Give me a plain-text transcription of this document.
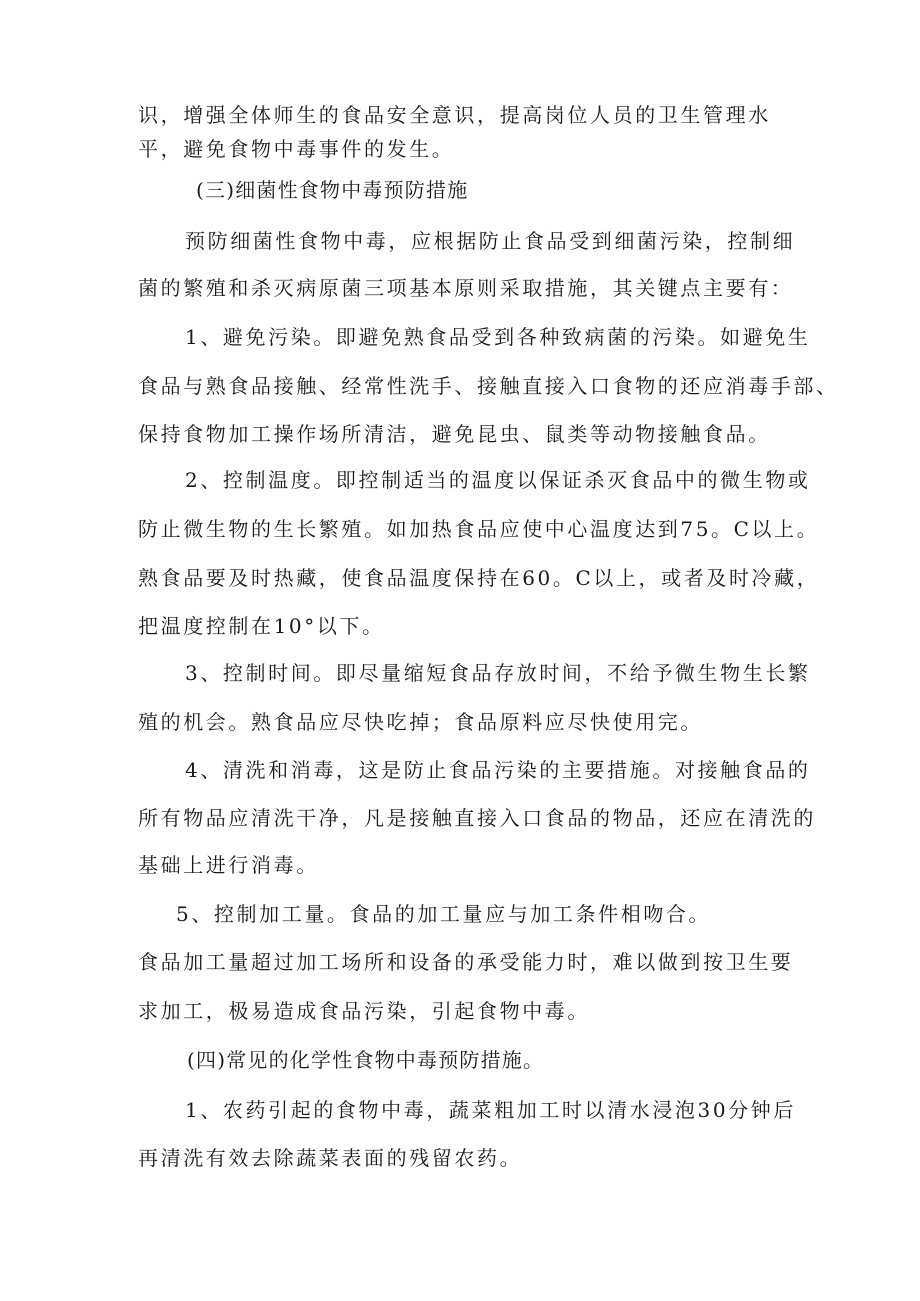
识，增强全体师生的食品安全意识，提高岗位人员的卫生管理水
平，避免食物中毒事件的发生。
(三)细菌性食物中毒预防措施
预防细菌性食物中毒，应根据防止食品受到细菌污染，控制细
菌的繁殖和杀灭病原菌三项基本原则采取措施，其关键点主要有：
1、避免污染。即避免熟食品受到各种致病菌的污染。如避免生
食品与熟食品接触、经常性洗手、接触直接入口食物的还应消毒手部、
保持食物加工操作场所清洁，避免昆虫、鼠类等动物接触食品。
2、控制温度。即控制适当的温度以保证杀灭食品中的微生物或
防止微生物的生长繁殖。如加热食品应使中心温度达到75。C以上。
熟食品要及时热藏，使食品温度保持在60。C以上，或者及时冷藏，
把温度控制在10°以下。
3、控制时间。即尽量缩短食品存放时间，不给予微生物生长繁
殖的机会。熟食品应尽快吃掉；食品原料应尽快使用完。
4、清洗和消毒，这是防止食品污染的主要措施。对接触食品的
所有物品应清洗干净，凡是接触直接入口食品的物品，还应在清洗的
基础上进行消毒。
5、控制加工量。食品的加工量应与加工条件相吻合。
食品加工量超过加工场所和设备的承受能力时，难以做到按卫生要
求加工，极易造成食品污染，引起食物中毒。
(四)常见的化学性食物中毒预防措施。
1、农药引起的食物中毒，蔬菜粗加工时以清水浸泡30分钟后
再清洗有效去除蔬菜表面的残留农药。
